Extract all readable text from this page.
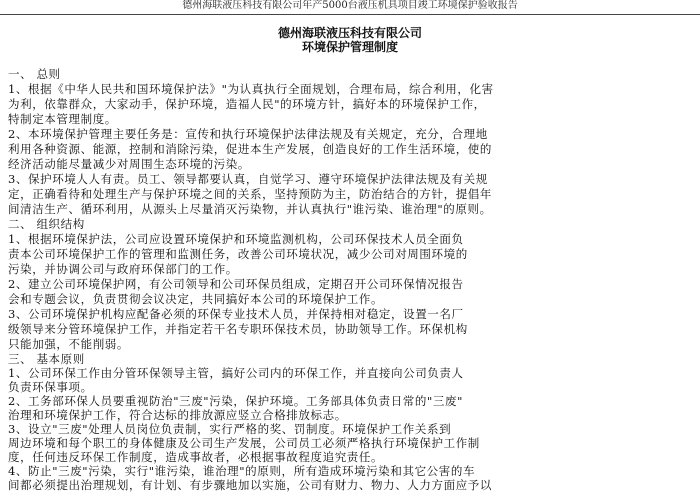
德州海联液压科技有限公司年产5000台液压机具项目竣工环境保护验收报告
德州海联液压科技有限公司
环境保护管理制度
一、 总则
1、根据《中华人民共和国环境保护法》"为认真执行全面规划，合理布局，综合利用，化害
为利，依靠群众，大家动手，保护环境，造福人民"的环境方针，搞好本的环境保护工作，
特制定本管理制度。
2、本环境保护管理主要任务是：宣传和执行环境保护法律法规及有关规定，充分，合理地
利用各种资源、能源，控制和消除污染，促进本生产发展，创造良好的工作生活环境，使的
经济活动能尽量减少对周围生态环境的污染。
3、保护环境人人有责。员工、领导都要认真，自觉学习、遵守环境保护法律法规及有关规
定，正确看待和处理生产与保护环境之间的关系，坚持预防为主，防治结合的方针，提倡年
间清洁生产、循环利用，从源头上尽量消灭污染物，并认真执行"谁污染、谁治理"的原则。
二、 组织结构
1、根据环境保护法，公司应设置环境保护和环境监测机构，公司环保技术人员全面负
责本公司环境保护工作的管理和监测任务，改善公司环境状况，减少公司对周围环境的
污染，并协调公司与政府环保部门的工作。
2、建立公司环境保护网，有公司领导和公司环保员组成，定期召开公司环保情况报告
会和专题会议，负责贯彻会议决定，共同搞好本公司的环境保护工作。
3、公司环境保护机构应配备必须的环保专业技术人员，并保持相对稳定，设置一名厂
级领导来分管环境保护工作，并指定若干名专职环保技术员，协助领导工作。环保机构
只能加强，不能削弱。
三、 基本原则
1、公司环保工作由分管环保领导主管，搞好公司内的环保工作，并直接向公司负责人
负责环保事项。
2、工务部环保人员要重视防治"三废"污染，保护环境。工务部具体负责日常的"三废"
治理和环境保护工作，符合达标的排放源应竖立合格排放标志。
3、设立"三废"处理人员岗位负责制，实行严格的奖、罚制度。环境保护工作关系到
周边环境和每个职工的身体健康及公司生产发展，公司员工必须严格执行环境保护工作制
度，任何违反环保工作制度，造成事故者，必根据事故程度追究责任。
4、防止"三废"污染，实行"谁污染，谁治理"的原则，所有造成环境污染和其它公害的车
间都必须提出治理规划，有计划、有步骤地加以实施，公司有财力、物力、人力方面应予以
